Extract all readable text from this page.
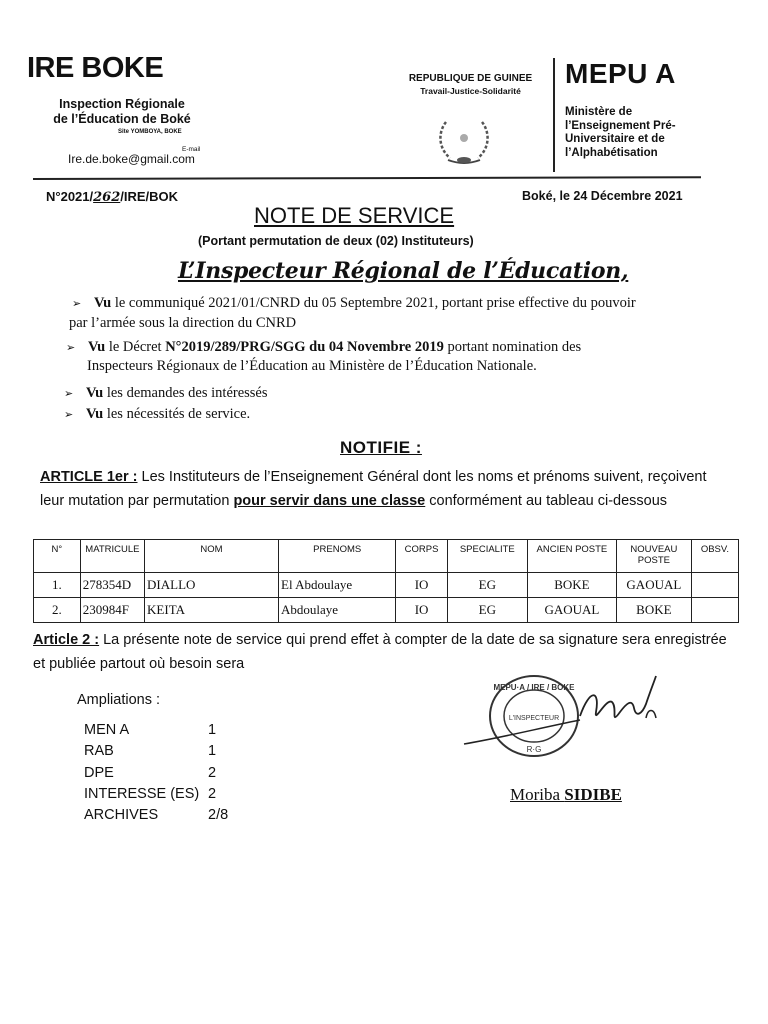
IRE BOKE
Inspection Régionale
de l’Éducation de Boké
Site YOMBOYA, BOKE
E-mail
Ire.de.boke@gmail.com
REPUBLIQUE DE GUINEE
Travail-Justice-Solidarité
MEPU A
Ministère de
l’Enseignement Pré-
Universitaire et de
l’Alphabétisation
N°2021/262/IRE/BOK	Boké, le 24 Décembre 2021
NOTE DE SERVICE
(Portant permutation de deux (02) Instituteurs)
L’Inspecteur Régional de l’Éducation,
➢ Vu le communiqué 2021/01/CNRD du 05 Septembre 2021, portant prise effective du pouvoir
par l’armée sous la direction du CNRD
➢ Vu le Décret N°2019/289/PRG/SGG du 04 Novembre 2019 portant nomination des
Inspecteurs Régionaux de l’Éducation au Ministère de l’Éducation Nationale.
➢ Vu les demandes des intéressés
➢ Vu les nécessités de service.
NOTIFIE :
ARTICLE 1er : Les Instituteurs de l’Enseignement Général dont les noms et prénoms suivent, reçoivent leur mutation par permutation pour servir dans une classe conformément au tableau ci-dessous
N°	MATRICULE	NOM	PRENOMS	CORPS	SPECIALITE	ANCIEN POSTE	NOUVEAU POSTE	OBSV.
1.	278354D	DIALLO	El Abdoulaye	IO	EG	BOKE	GAOUAL	
2.	230984F	KEITA	Abdoulaye	IO	EG	GAOUAL	BOKE	
Article 2 : La présente note de service qui prend effet à compter de la date de sa signature sera enregistrée et publiée partout où besoin sera
Ampliations :
MEN A	1
RAB	1
DPE	2
INTERESSE (ES) 2
ARCHIVES	2/8
MEPU·A / IRE / BOKE
L'INSPECTEUR
R·G
Moriba SIDIBE
